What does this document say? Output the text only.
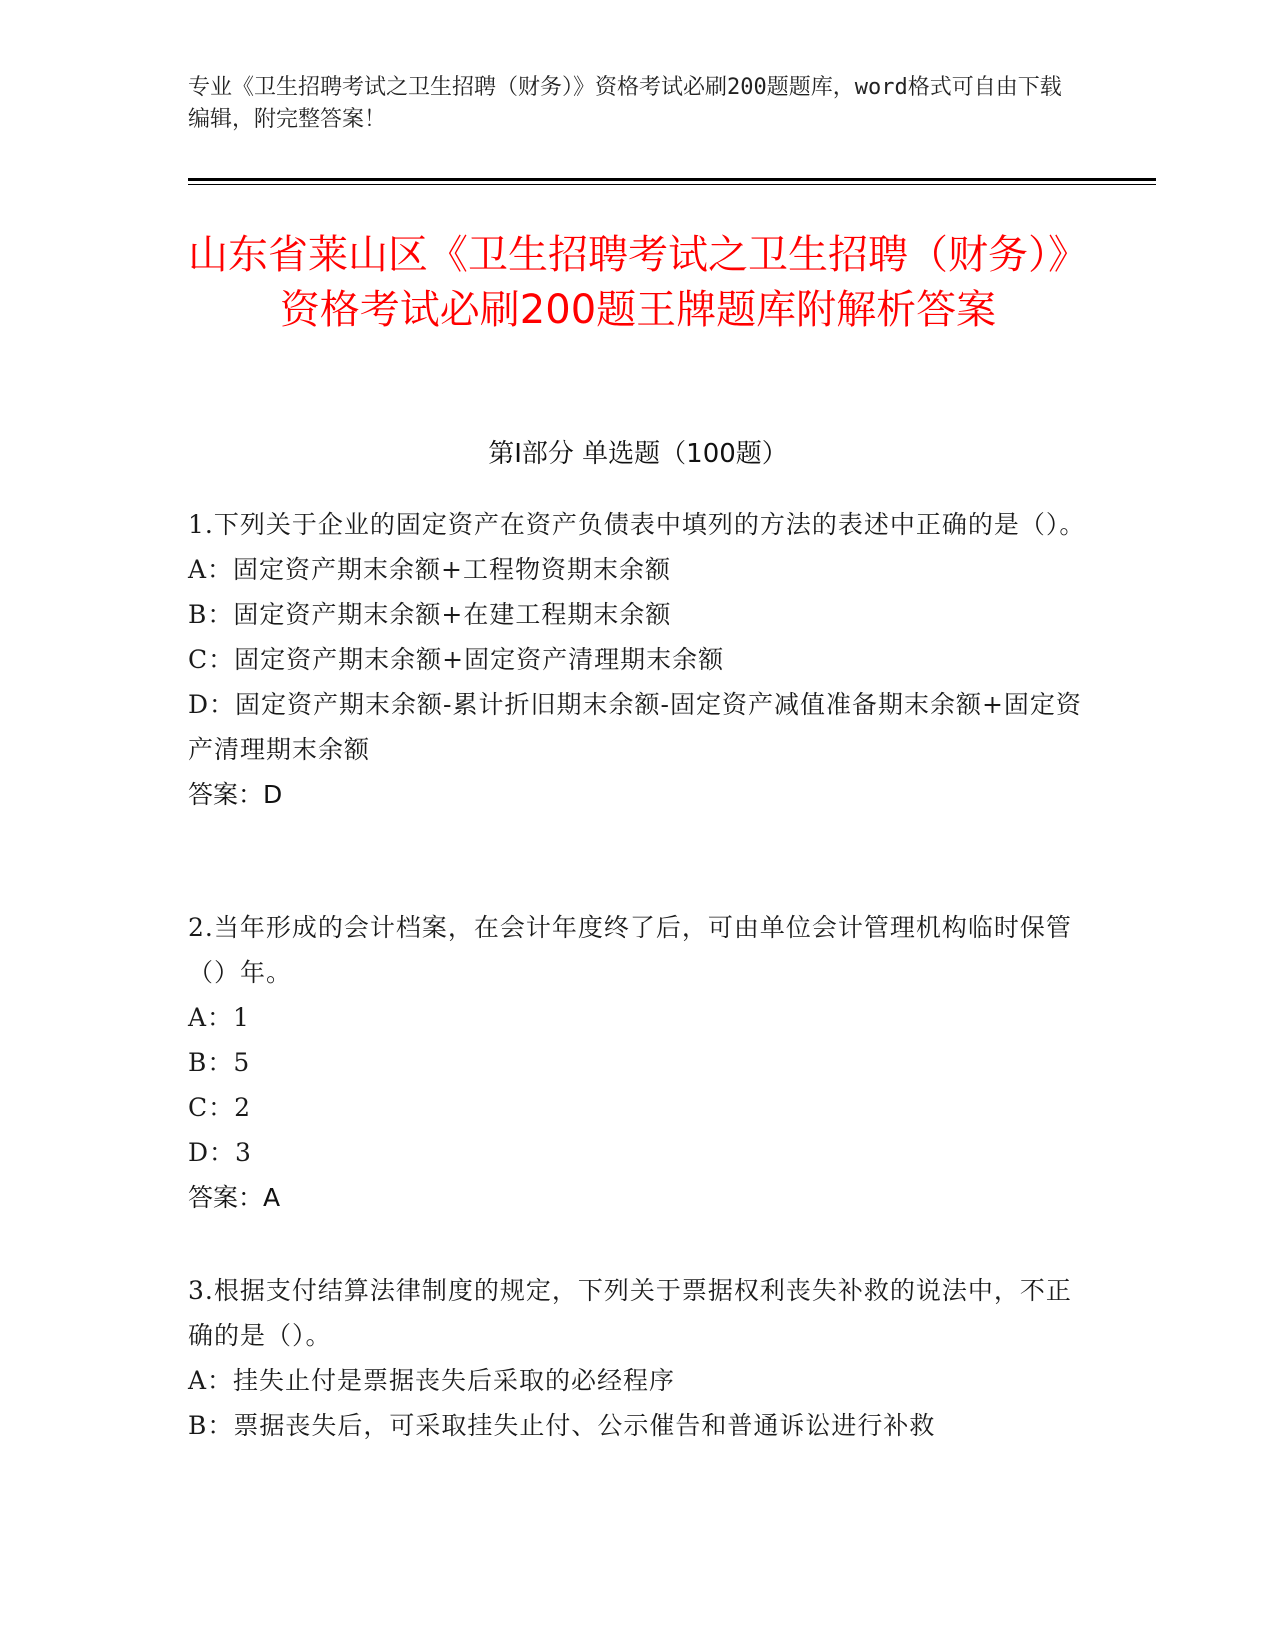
专业《卫生招聘考试之卫生招聘（财务）》资格考试必刷200题题库，word格式可自由下载编辑，附完整答案！
山东省莱山区《卫生招聘考试之卫生招聘（财务）》资格考试必刷200题王牌题库附解析答案
第Ⅰ部分 单选题（100题）
1.下列关于企业的固定资产在资产负债表中填列的方法的表述中正确的是（）。
A：固定资产期末余额+工程物资期末余额
B：固定资产期末余额+在建工程期末余额
C：固定资产期末余额+固定资产清理期末余额
D：固定资产期末余额-累计折旧期末余额-固定资产减值准备期末余额+固定资产清理期末余额
答案：D
2.当年形成的会计档案，在会计年度终了后，可由单位会计管理机构临时保管（）年。
A：1
B：5
C：2
D：3
答案：A
3.根据支付结算法律制度的规定，下列关于票据权利丧失补救的说法中，不正确的是（）。
A：挂失止付是票据丧失后采取的必经程序
B：票据丧失后，可采取挂失止付、公示催告和普通诉讼进行补救
